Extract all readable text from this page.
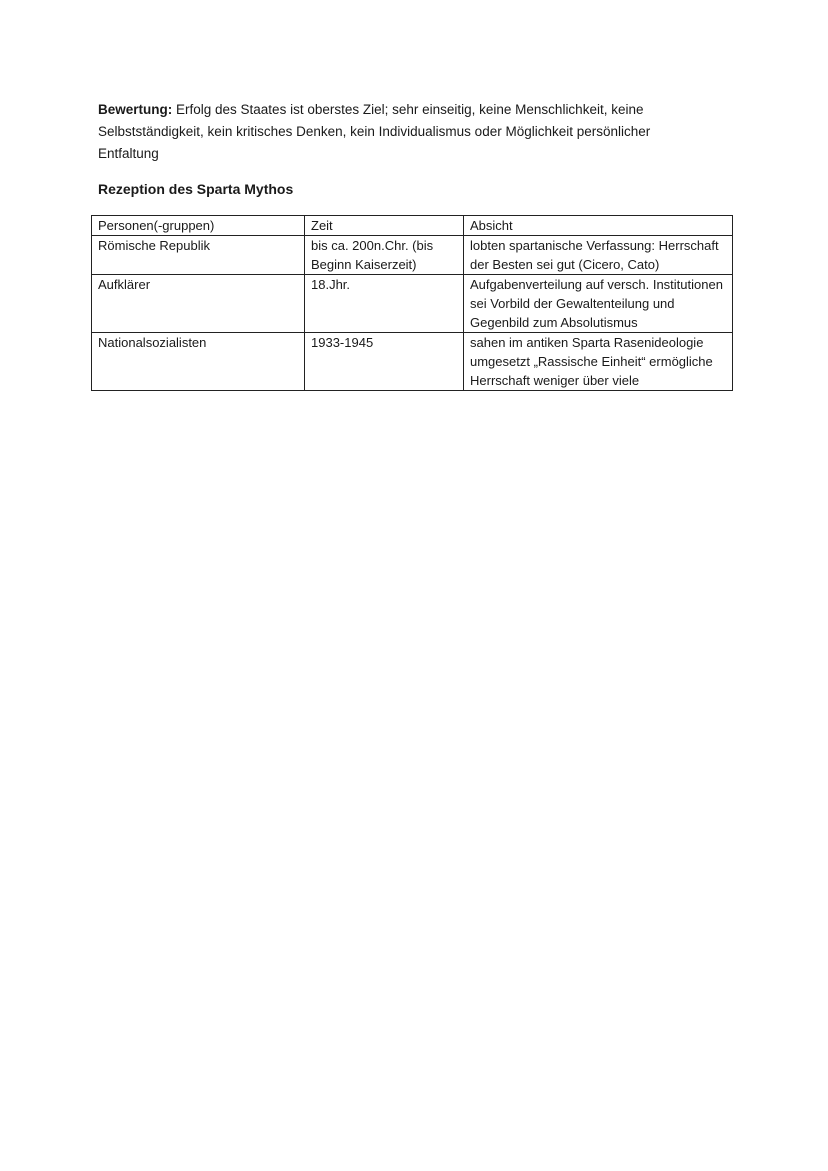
Bewertung: Erfolg des Staates ist oberstes Ziel; sehr einseitig, keine Menschlichkeit, keine Selbstständigkeit, kein kritisches Denken, kein Individualismus oder Möglichkeit persönlicher Entfaltung

Rezeption des Sparta Mythos
Personen(-gruppen)	Zeit	Absicht
Römische Republik	bis ca. 200n.Chr. (bis Beginn Kaiserzeit)	lobten spartanische Verfassung: Herrschaft der Besten sei gut (Cicero, Cato)
Aufklärer	18.Jhr.	Aufgabenverteilung auf versch. Institutionen sei Vorbild der Gewaltenteilung und Gegenbild zum Absolutismus
Nationalsozialisten	1933-1945	sahen im antiken Sparta Rasenideologie umgesetzt „Rassische Einheit“ ermögliche Herrschaft weniger über viele
